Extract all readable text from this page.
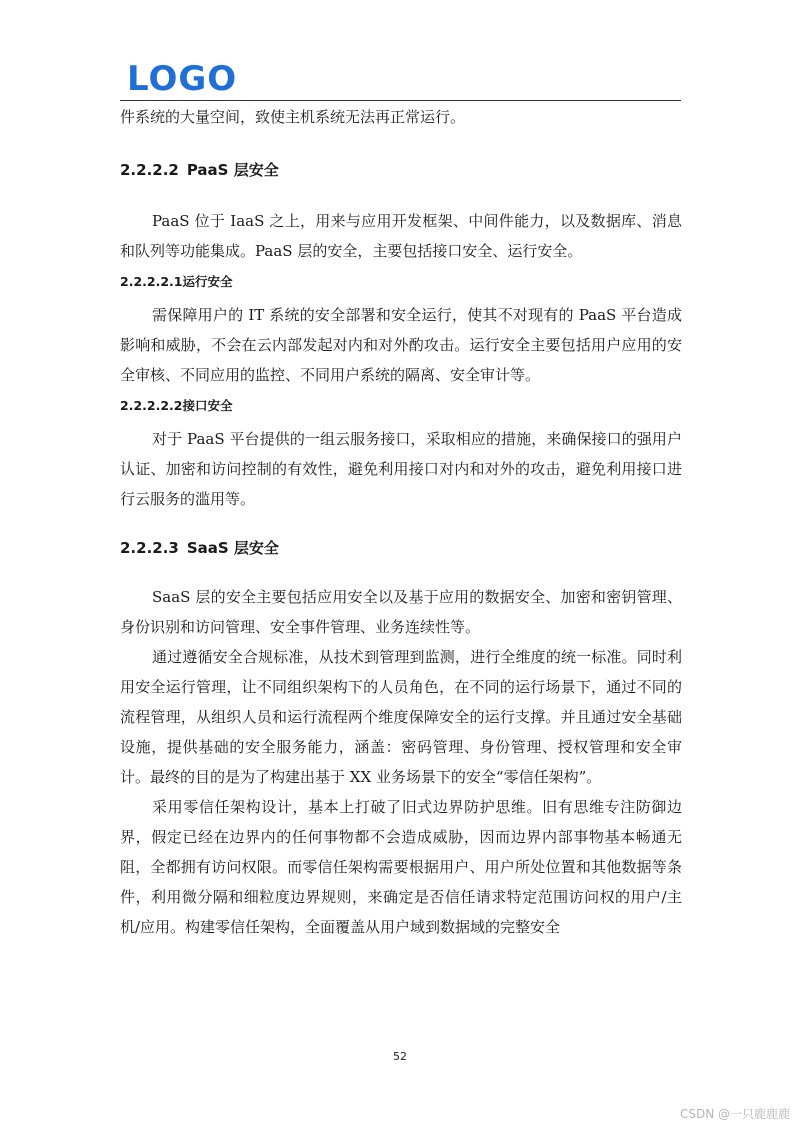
LOGO

件系统的大量空间，致使主机系统无法再正常运行。

2.2.2.2 PaaS 层安全

PaaS 位于 IaaS 之上，用来与应用开发框架、中间件能力，以及数据库、消息和队列等功能集成。PaaS 层的安全，主要包括接口安全、运行安全。

2.2.2.2.1运行安全

需保障用户的 IT 系统的安全部署和安全运行，使其不对现有的 PaaS 平台造成影响和威胁，不会在云内部发起对内和对外酌攻击。运行安全主要包括用户应用的安全审核、不同应用的监控、不同用户系统的隔离、安全审计等。

2.2.2.2.2接口安全

对于 PaaS 平台提供的一组云服务接口，采取相应的措施，来确保接口的强用户认证、加密和访问控制的有效性，避免利用接口对内和对外的攻击，避免利用接口进行云服务的滥用等。

2.2.2.3 SaaS 层安全

SaaS 层的安全主要包括应用安全以及基于应用的数据安全、加密和密钥管理、身份识别和访问管理、安全事件管理、业务连续性等。

通过遵循安全合规标准，从技术到管理到监测，进行全维度的统一标准。同时利用安全运行管理，让不同组织架构下的人员角色，在不同的运行场景下，通过不同的流程管理，从组织人员和运行流程两个维度保障安全的运行支撑。并且通过安全基础设施，提供基础的安全服务能力，涵盖：密码管理、身份管理、授权管理和安全审计。最终的目的是为了构建出基于 XX 业务场景下的安全“零信任架构”。

采用零信任架构设计，基本上打破了旧式边界防护思维。旧有思维专注防御边界，假定已经在边界内的任何事物都不会造成威胁，因而边界内部事物基本畅通无阻，全都拥有访问权限。而零信任架构需要根据用户、用户所处位置和其他数据等条件，利用微分隔和细粒度边界规则，来确定是否信任请求特定范围访问权的用户/主机/应用。构建零信任架构，全面覆盖从用户域到数据域的完整安全

52
CSDN @一只鹿鹿鹿
